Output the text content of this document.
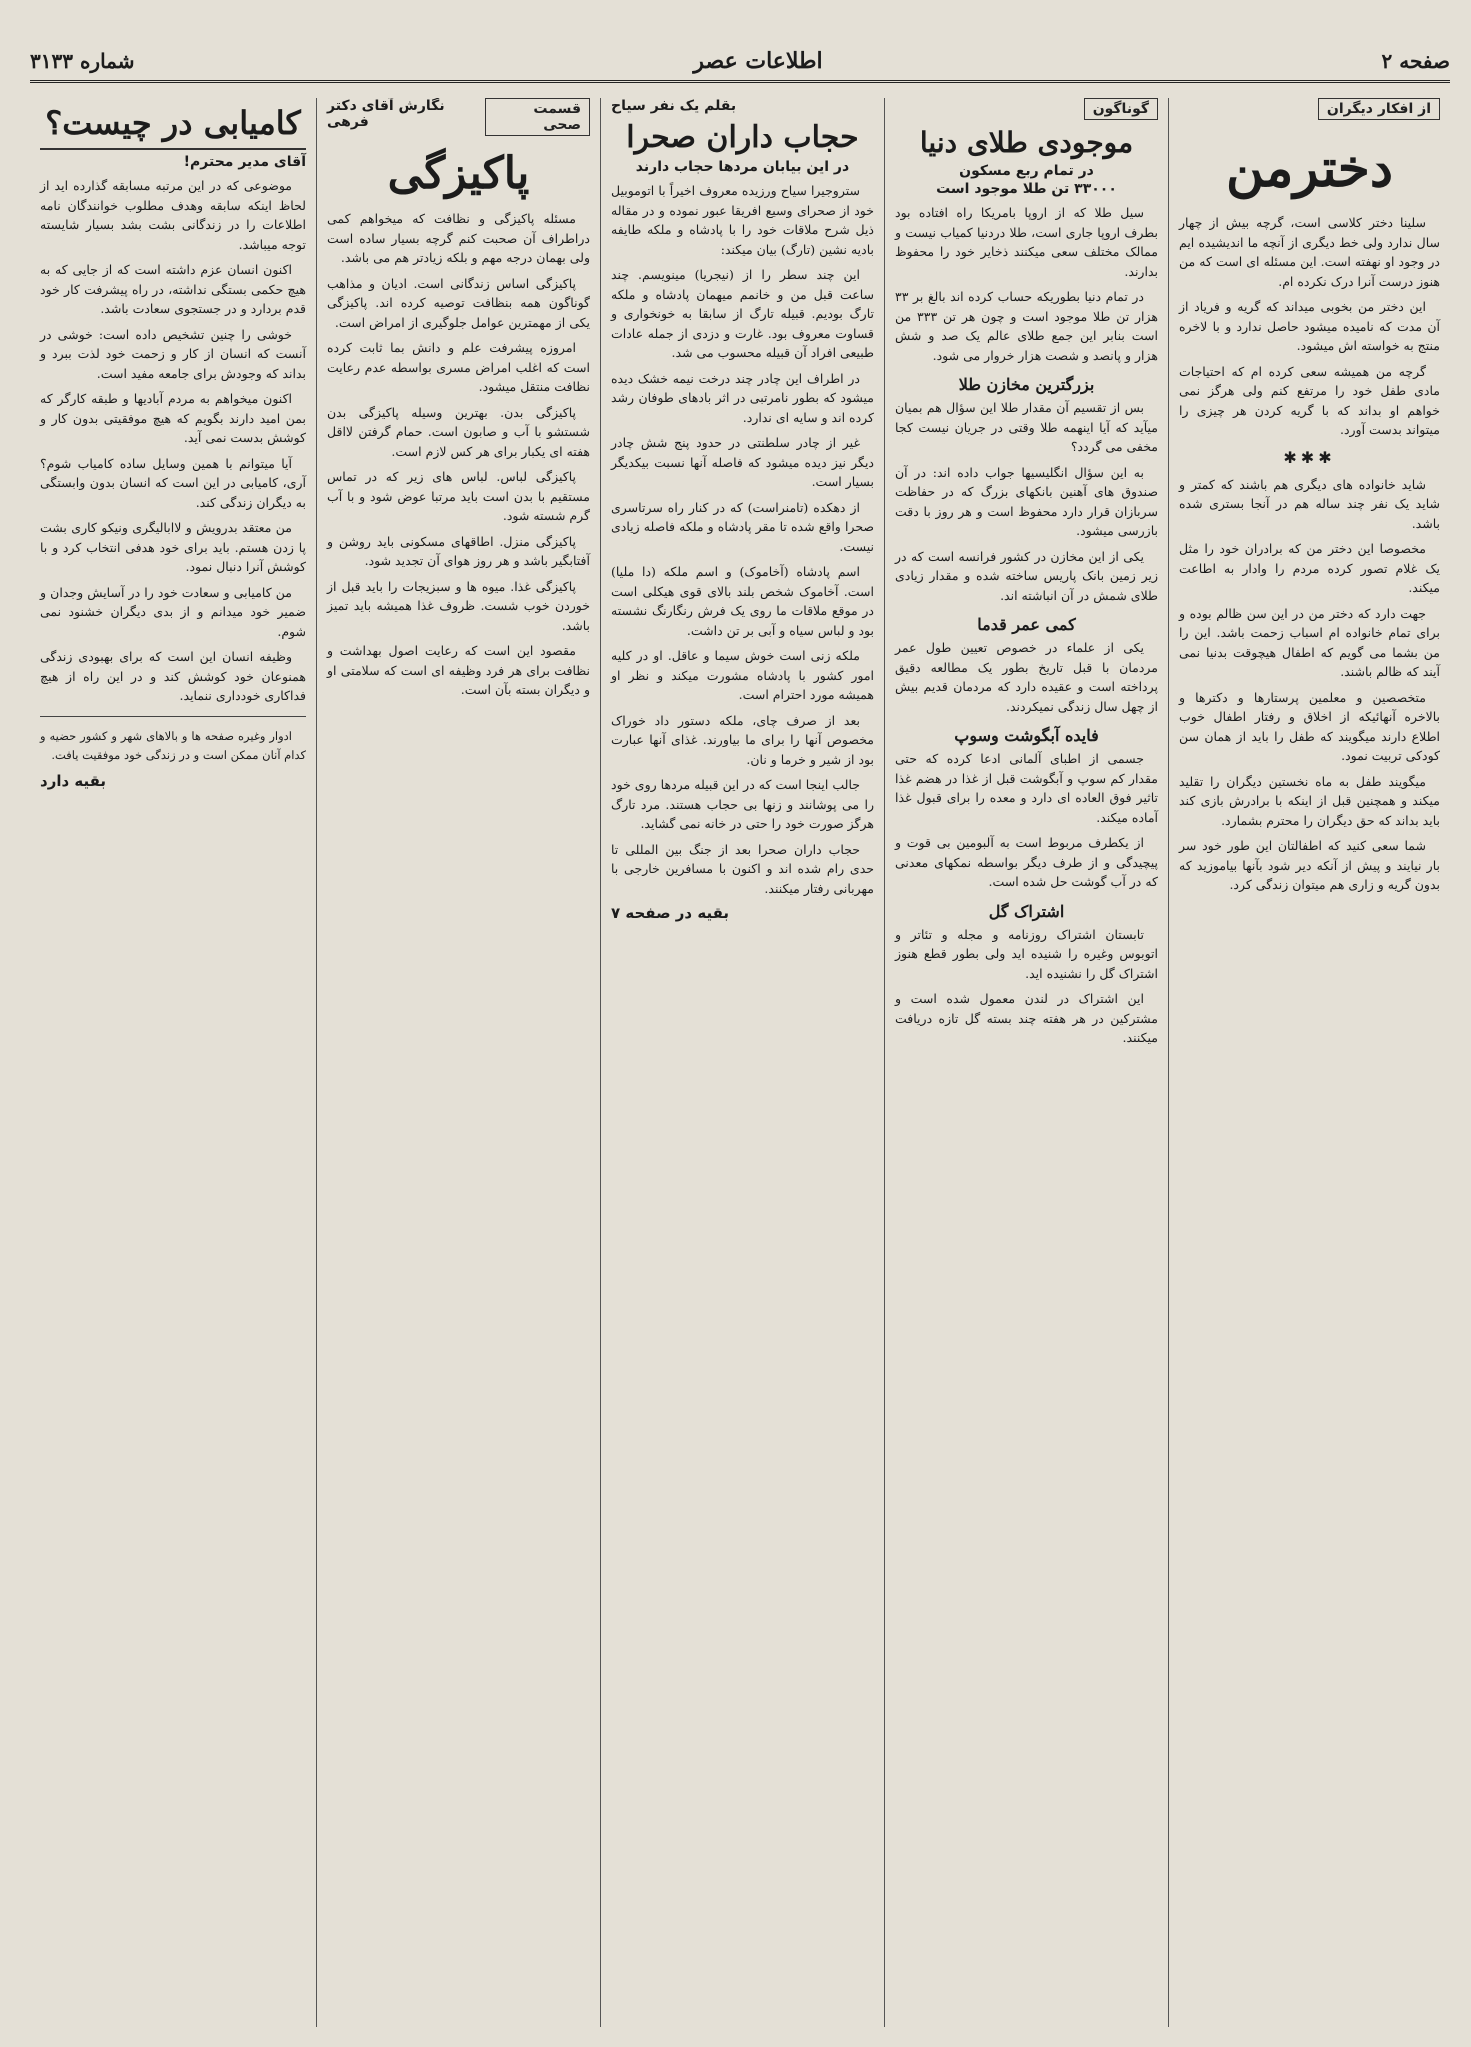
صفحه ۲
اطلاعات عصر
شماره ۳۱۳۳
از افکار دیگران
دخترمن

سلینا دختر کلاسی است، گرچه بیش از چهار سال ندارد ولی خط دیگری از آنچه ما اندیشیده ایم در وجود او نهفته است. این مسئله ای است که من هنوز درست آنرا درک نکرده ام.

این دختر من بخوبی میداند که گریه و فریاد از آن مدت که نامیده میشود حاصل ندارد و با لاخره منتج به خواسته اش میشود.

گرچه من همیشه سعی کرده ام که احتیاجات مادی طفل خود را مرتفع کنم ولی هرگز نمی خواهم او بداند که با گریه کردن هر چیزی را میتواند بدست آورد.

✱✱✱

شاید خانواده های دیگری هم باشند که کمتر و شاید یک نفر چند ساله هم در آنجا بستری شده باشد.

مخصوصا این دختر من که برادران خود را مثل یک غلام تصور کرده مردم را وادار به اطاعت میکند.

جهت دارد که دختر من در این سن ظالم بوده و برای تمام خانواده ام اسباب زحمت باشد. این را من بشما می گویم که اطفال هیچوقت بدنیا نمی آیند که ظالم باشند.

متخصصین و معلمین پرستارها و دکترها و بالاخره آنهائیکه از اخلاق و رفتار اطفال خوب اطلاع دارند میگویند که طفل را باید از همان سن کودکی تربیت نمود.

میگویند طفل به ماه نخستین دیگران را تقلید میکند و همچنین قبل از اینکه با برادرش بازی کند باید بداند که حق دیگران را محترم بشمارد.

شما سعی کنید که اطفالتان این طور خود سر بار نیایند و پیش از آنکه دیر شود بآنها بیاموزید که بدون گریه و زاری هم میتوان زندگی کرد.

گوناگون
موجودی طلای دنیا
در تمام ربع مسکون
۳۳۰۰۰ تن طلا موجود است

سیل طلا که از اروپا بامریکا راه افتاده بود بطرف اروپا جاری است، طلا دردنیا کمیاب نیست و ممالک مختلف سعی میکنند ذخایر خود را محفوظ بدارند.

در تمام دنیا بطوریکه حساب کرده اند بالغ بر ۳۳ هزار تن طلا موجود است و چون هر تن ۳۳۳ من است بنابر این جمع طلای عالم یک صد و شش هزار و پانصد و شصت هزار خروار می شود.

بزرگترین مخازن طلا

بس از تقسیم آن مقدار طلا این سؤال هم بمیان میآید که آیا اینهمه طلا وقتی در جریان نیست کجا مخفی می گردد؟

به این سؤال انگلیسیها جواب داده اند: در آن صندوق های آهنین بانکهای بزرگ که در حفاظت سربازان قرار دارد محفوظ است و هر روز با دقت بازرسی میشود.

یکی از این مخازن در کشور فرانسه است که در زیر زمین بانک پاریس ساخته شده و مقدار زیادی طلای شمش در آن انباشته اند.

کمی عمر قدما

یکی از علماء در خصوص تعیین طول عمر مردمان با قبل تاریخ بطور یک مطالعه دقیق پرداخته است و عقیده دارد که مردمان قدیم بیش از چهل سال زندگی نمیکردند.

فایده آبگوشت وسوپ

جسمی از اطبای آلمانی ادعا کرده که حتی مقدار کم سوپ و آبگوشت قبل از غذا در هضم غذا تاثیر فوق العاده ای دارد و معده را برای قبول غذا آماده میکند.

از یکطرف مربوط است به آلبومین بی قوت و پیچیدگی و از طرف دیگر بواسطه نمکهای معدنی که در آب گوشت حل شده است.

اشتراک گل

تابستان اشتراک روزنامه و مجله و تئاتر و اتوبوس وغیره را شنیده اید ولی بطور قطع هنوز اشتراک گل را نشنیده اید.

این اشتراک در لندن معمول شده است و مشترکین در هر هفته چند بسته گل تازه دریافت میکنند.

بقلم یک نفر سیاح
حجاب داران صحرا
در این بیابان مردها حجاب دارند

ستروجیرا سیاح ورزیده معروف اخیراً با اتوموبیل خود از صحرای وسیع افریقا عبور نموده و در مقاله ذیل شرح ملاقات خود را با پادشاه و ملکه طایفه بادیه نشین (تارگ) بیان میکند:

این چند سطر را از (نیجریا) مینویسم. چند ساعت قبل من و خانمم میهمان پادشاه و ملکه تارگ بودیم. قبیله تارگ از سابقا به خونخواری و قساوت معروف بود. غارت و دزدی از جمله عادات طبیعی افراد آن قبیله محسوب می شد.

در اطراف این چادر چند درخت نیمه خشک دیده میشود که بطور نامرتبی در اثر بادهای طوفان رشد کرده اند و سایه ای ندارد.

غیر از چادر سلطنتی در حدود پنج شش چادر دیگر نیز دیده میشود که فاصله آنها نسبت بیکدیگر بسیار است.

از دهکده (تامنراست) که در کنار راه سرتاسری صحرا واقع شده تا مقر پادشاه و ملکه فاصله زیادی نیست.

اسم پادشاه (آخاموک) و اسم ملکه (دا ملیا) است. آخاموک شخص بلند بالای قوی هیکلی است در موقع ملاقات ما روی یک فرش رنگارنگ نشسته بود و لباس سیاه و آبی بر تن داشت.

ملکه زنی است خوش سیما و عاقل. او در کلیه امور کشور با پادشاه مشورت میکند و نظر او همیشه مورد احترام است.

بعد از صرف چای، ملکه دستور داد خوراک مخصوص آنها را برای ما بیاورند. غذای آنها عبارت بود از شیر و خرما و نان.

جالب اینجا است که در این قبیله مردها روی خود را می پوشانند و زنها بی حجاب هستند. مرد تارگ هرگز صورت خود را حتی در خانه نمی گشاید.

حجاب داران صحرا بعد از جنگ بین المللی تا حدی رام شده اند و اکنون با مسافرین خارجی با مهربانی رفتار میکنند.

بقیه در صفحه ۷
قسمت صحی
نگارش آقای دکتر فرهی
پاکیزگی

مسئله پاکیزگی و نظافت که میخواهم کمی دراطراف آن صحبت کنم گرچه بسیار ساده است ولی بهمان درجه مهم و بلکه زیادتر هم می باشد.

پاکیزگی اساس زندگانی است. ادیان و مذاهب گوناگون همه بنظافت توصیه کرده اند. پاکیزگی یکی از مهمترین عوامل جلوگیری از امراض است.

امروزه پیشرفت علم و دانش بما ثابت کرده است که اغلب امراض مسری بواسطه عدم رعایت نظافت منتقل میشود.

پاکیزگی بدن. بهترین وسیله پاکیزگی بدن شستشو با آب و صابون است. حمام گرفتن لااقل هفته ای یکبار برای هر کس لازم است.

پاکیزگی لباس. لباس های زیر که در تماس مستقیم با بدن است باید مرتبا عوض شود و با آب گرم شسته شود.

پاکیزگی منزل. اطاقهای مسکونی باید روشن و آفتابگیر باشد و هر روز هوای آن تجدید شود.

پاکیزگی غذا. میوه ها و سبزیجات را باید قبل از خوردن خوب شست. ظروف غذا همیشه باید تمیز باشد.

مقصود این است که رعایت اصول بهداشت و نظافت برای هر فرد وظیفه ای است که سلامتی او و دیگران بسته بآن است.

کامیابی در چیست؟
آقای مدیر محترم!

موضوعی که در این مرتبه مسابقه گذارده اید از لحاظ اینکه سابقه وهدف مطلوب خوانندگان نامه اطلاعات را در زندگانی بشت بشد بسیار شایسته توجه میباشد.

اکنون انسان عزم داشته است که از جایی که به هیچ حکمی بستگی نداشته، در راه پیشرفت کار خود قدم بردارد و در جستجوی سعادت باشد.

خوشی را چنین تشخیص داده است: خوشی در آنست که انسان از کار و زحمت خود لذت ببرد و بداند که وجودش برای جامعه مفید است.

اکنون میخواهم به مردم آبادیها و طبقه کارگر که بمن امید دارند بگویم که هیچ موفقیتی بدون کار و کوشش بدست نمی آید.

آیا میتوانم با همین وسایل ساده کامیاب شوم؟ آری، کامیابی در این است که انسان بدون وابستگی به دیگران زندگی کند.

من معتقد بدرویش و لاابالیگری ونیکو کاری بشت پا زدن هستم. باید برای خود هدفی انتخاب کرد و با کوشش آنرا دنبال نمود.

من کامیابی و سعادت خود را در آسایش وجدان و ضمیر خود میدانم و از بدی دیگران خشنود نمی شوم.

وظیفه انسان این است که برای بهبودی زندگی همنوعان خود کوشش کند و در این راه از هیچ فداکاری خودداری ننماید.

ادوار وغیره صفحه ها و بالاهای شهر و کشور حضیه و کدام آنان ممکن است و در زندگی خود موفقیت یافت.

بقیه دارد
